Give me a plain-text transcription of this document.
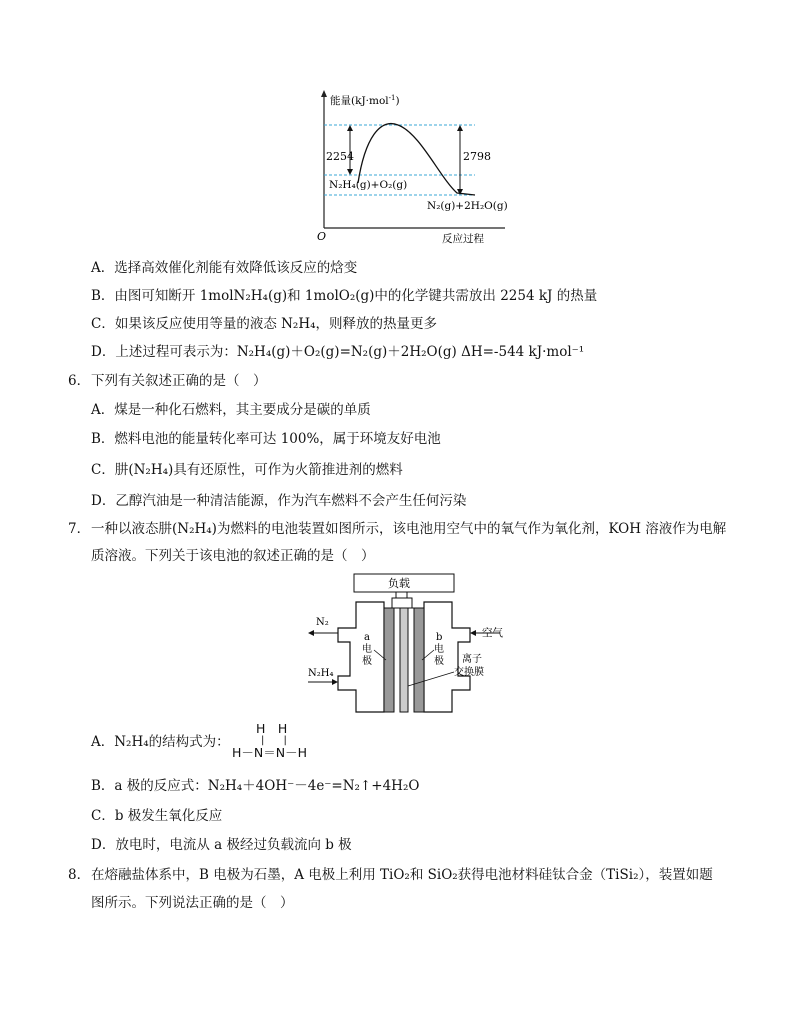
能量(kJ·mol$^{-1}$)
2254	2798
N₂H₄(g)+O₂(g)
N₂(g)+2H₂O(g)
O	反应过程
A．选择高效催化剂能有效降低该反应的焓变
B．由图可知断开 1molN₂H₄(g)和 1molO₂(g)中的化学键共需放出 2254 kJ 的热量
C．如果该反应使用等量的液态 N₂H₄，则释放的热量更多
D．上述过程可表示为：N₂H₄(g)＋O₂(g)=N₂(g)＋2H₂O(g) ΔH=-544 kJ·mol⁻¹
6． 下列有关叙述正确的是（　）
A．煤是一种化石燃料，其主要成分是碳的单质
B．燃料电池的能量转化率可达 100%，属于环境友好电池
C．肼(N₂H₄)具有还原性，可作为火箭推进剂的燃料
D．乙醇汽油是一种清洁能源，作为汽车燃料不会产生任何污染
7． 一种以液态肼(N₂H₄)为燃料的电池装置如图所示，该电池用空气中的氧气作为氧化剂，KOH 溶液作为电解
质溶液。下列关于该电池的叙述正确的是（　）
负载
a
电
极
b
电
极 离子
交换膜
N₂
N₂H₄
空气
A．N₂H₄的结构式为：
H　H
|      |
H－N＝N－H
B．a 极的反应式：N₂H₄＋4OH⁻－4e⁻=N₂↑+4H₂O
C．b 极发生氧化反应
D．放电时，电流从 a 极经过负载流向 b 极
8． 在熔融盐体系中，B 电极为石墨，A 电极上利用 TiO₂和 SiO₂获得电池材料硅钛合金（TiSi₂），装置如题
图所示。下列说法正确的是（　）
